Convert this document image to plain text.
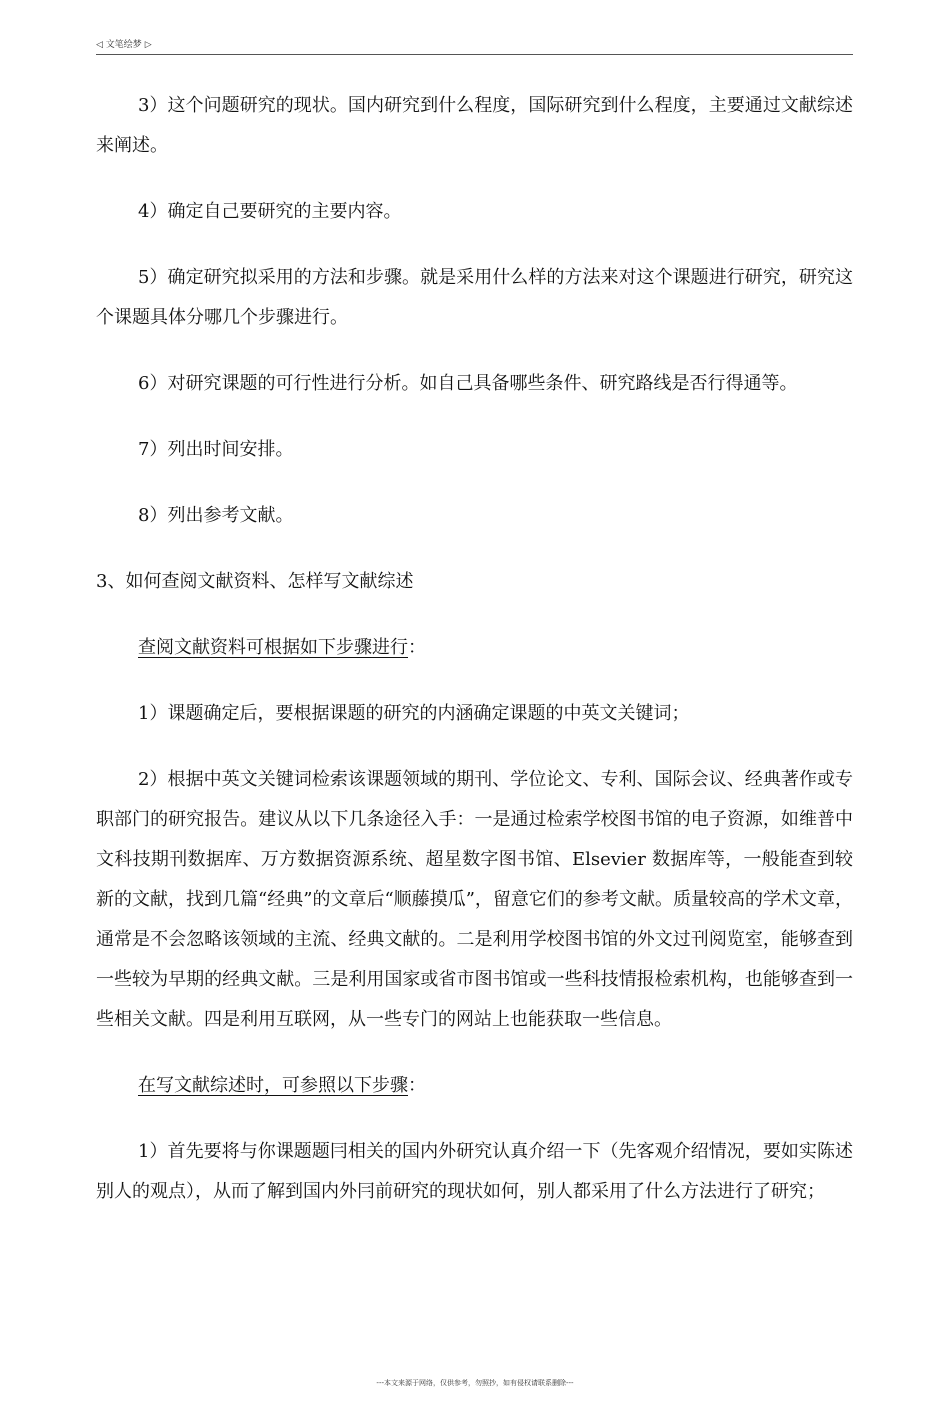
◁ 文笔绘梦 ▷

3）这个问题研究的现状。国内研究到什么程度，国际研究到什么程度，主要通过文献综述来阐述。

4）确定自己要研究的主要内容。

5）确定研究拟采用的方法和步骤。就是采用什么样的方法来对这个课题进行研究，研究这个课题具体分哪几个步骤进行。

6）对研究课题的可行性进行分析。如自己具备哪些条件、研究路线是否行得通等。

7）列出时间安排。

8）列出参考文献。

3、如何查阅文献资料、怎样写文献综述

查阅文献资料可根据如下步骤进行：

1）课题确定后，要根据课题的研究的内涵确定课题的中英文关键词；

2）根据中英文关键词检索该课题领域的期刊、学位论文、专利、国际会议、经典著作或专职部门的研究报告。建议从以下几条途径入手：一是通过检索学校图书馆的电子资源，如维普中文科技期刊数据库、万方数据资源系统、超星数字图书馆、Elsevier 数据库等，一般能查到较新的文献，找到几篇“经典”的文章后“顺藤摸瓜”，留意它们的参考文献。质量较高的学术文章，通常是不会忽略该领域的主流、经典文献的。二是利用学校图书馆的外文过刊阅览室，能够查到一些较为早期的经典文献。三是利用国家或省市图书馆或一些科技情报检索机构，也能够查到一些相关文献。四是利用互联网，从一些专门的网站上也能获取一些信息。

在写文献综述时，可参照以下步骤：

1）首先要将与你课题题冃相关的国内外研究认真介绍一下（先客观介绍情况，要如实陈述别人的观点），从而了解到国内外冃前研究的现状如何，别人都采用了什么方法进行了研究；

---本文来源于网络，仅供参考，勿照抄，如有侵权请联系删除---
